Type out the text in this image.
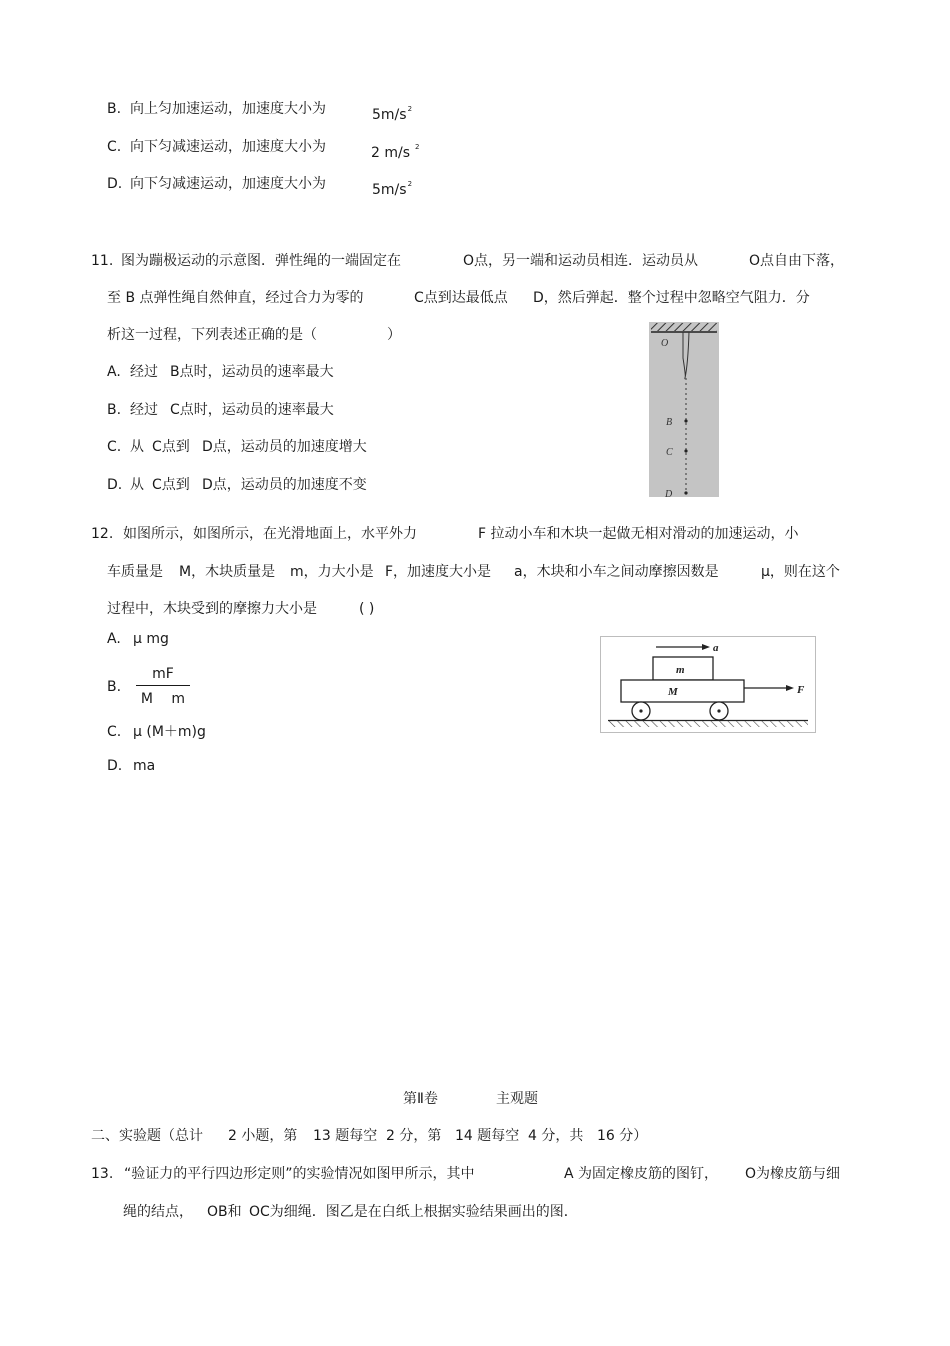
B. 向上匀加速运动，加速度大小为	$5m/s^2$
C. 向下匀减速运动，加速度大小为	2 m/s $^2$
D. 向下匀减速运动，加速度大小为	$5m/s^2$
11. 图为蹦极运动的示意图．弹性绳的一端固定在	O点，另一端和运动员相连．运动员从	O点自由下落，
至 B 点弹性绳自然伸直，经过合力为零的	C点到达最低点 D，然后弹起．整个过程中忽略空气阻力．分
析这一过程，下列表述正确的是（	）
A. 经过 B点时，运动员的速率最大
B. 经过 C点时，运动员的速率最大
C. 从 C点到 D点，运动员的加速度增大
D. 从 C点到 D点，运动员的加速度不变
O
B
C
D
12. 如图所示，如图所示，在光滑地面上，水平外力	F 拉动小车和木块一起做无相对滑动的加速运动，小
车质量是 M，木块质量是 m，力大小是 F，加速度大小是 a，木块和小车之间动摩擦因数是	μ，则在这个
过程中，木块受到的摩擦力大小是	( )
A. μ mg
B.
mF
M m
C. μ (M＋m)g
D. ma
a
m
M	F
第Ⅱ卷	主观题
二、实验题（总计 2 小题，第 13 题每空 2 分，第 14 题每空 4 分，共 16 分）
13. “验证力的平行四边形定则”的实验情况如图甲所示，其中	A 为固定橡皮筋的图钉， O为橡皮筋与细
绳的结点， OB和 OC为细绳．图乙是在白纸上根据实验结果画出的图．
